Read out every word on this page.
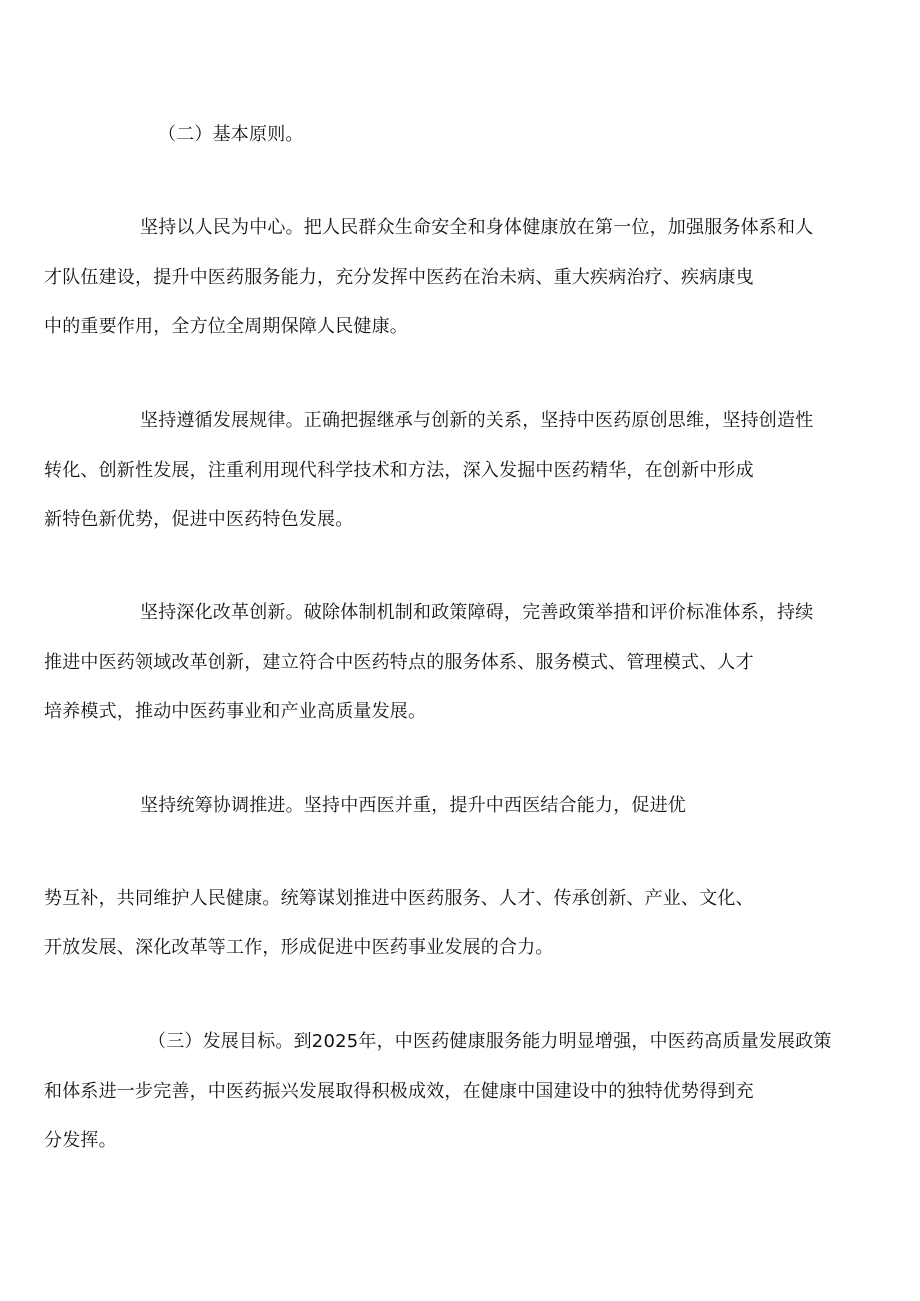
（二）基本原则。
坚持以人民为中心。把人民群众生命安全和身体健康放在第一位，加强服务体系和人
才队伍建设，提升中医药服务能力，充分发挥中医药在治未病、重大疾病治疗、疾病康曳
中的重要作用，全方位全周期保障人民健康。
坚持遵循发展规律。正确把握继承与创新的关系，坚持中医药原创思维，坚持创造性
转化、创新性发展，注重利用现代科学技术和方法，深入发掘中医药精华，在创新中形成
新特色新优势，促进中医药特色发展。
坚持深化改革创新。破除体制机制和政策障碍，完善政策举措和评价标准体系，持续
推进中医药领域改革创新，建立符合中医药特点的服务体系、服务模式、管理模式、人才
培养模式，推动中医药事业和产业高质量发展。
坚持统筹协调推进。坚持中西医并重，提升中西医结合能力，促进优
势互补，共同维护人民健康。统筹谋划推进中医药服务、人才、传承创新、产业、文化、
开放发展、深化改革等工作，形成促进中医药事业发展的合力。
（三）发展目标。到2025年，中医药健康服务能力明显增强，中医药高质量发展政策
和体系进一步完善，中医药振兴发展取得积极成效，在健康中国建设中的独特优势得到充
分发挥。
